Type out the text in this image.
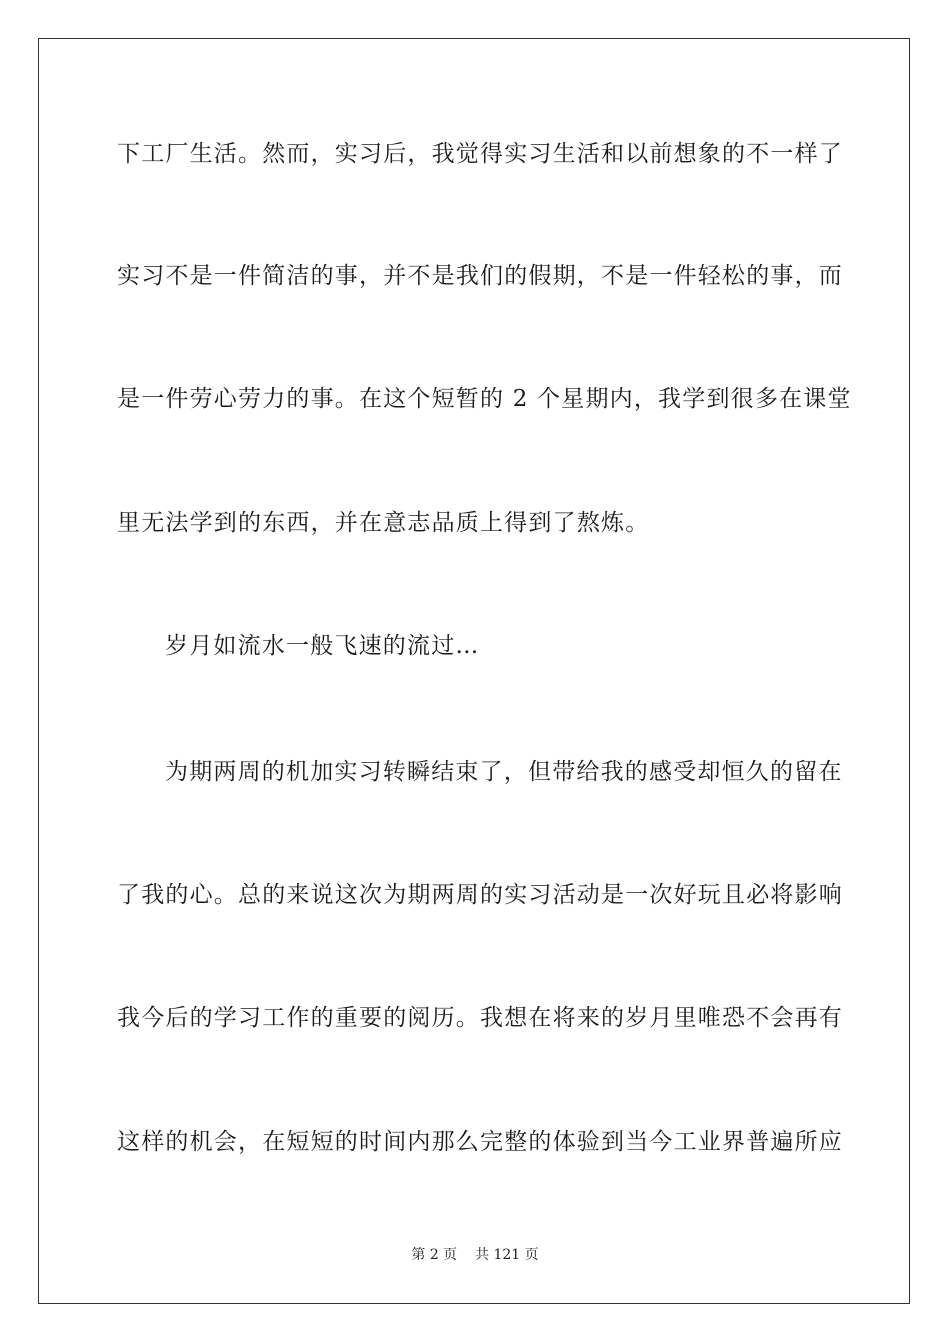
下工厂生活。然而，实习后，我觉得实习生活和以前想象的不一样了
实习不是一件简洁的事，并不是我们的假期，不是一件轻松的事，而
是一件劳心劳力的事。在这个短暂的 2 个星期内，我学到很多在课堂
里无法学到的东西，并在意志品质上得到了熬炼。
岁月如流水一般飞速的流过…
为期两周的机加实习转瞬结束了，但带给我的感受却恒久的留在
了我的心。总的来说这次为期两周的实习活动是一次好玩且必将影响
我今后的学习工作的重要的阅历。我想在将来的岁月里唯恐不会再有
这样的机会，在短短的时间内那么完整的体验到当今工业界普遍所应
第 2 页 共 121 页
